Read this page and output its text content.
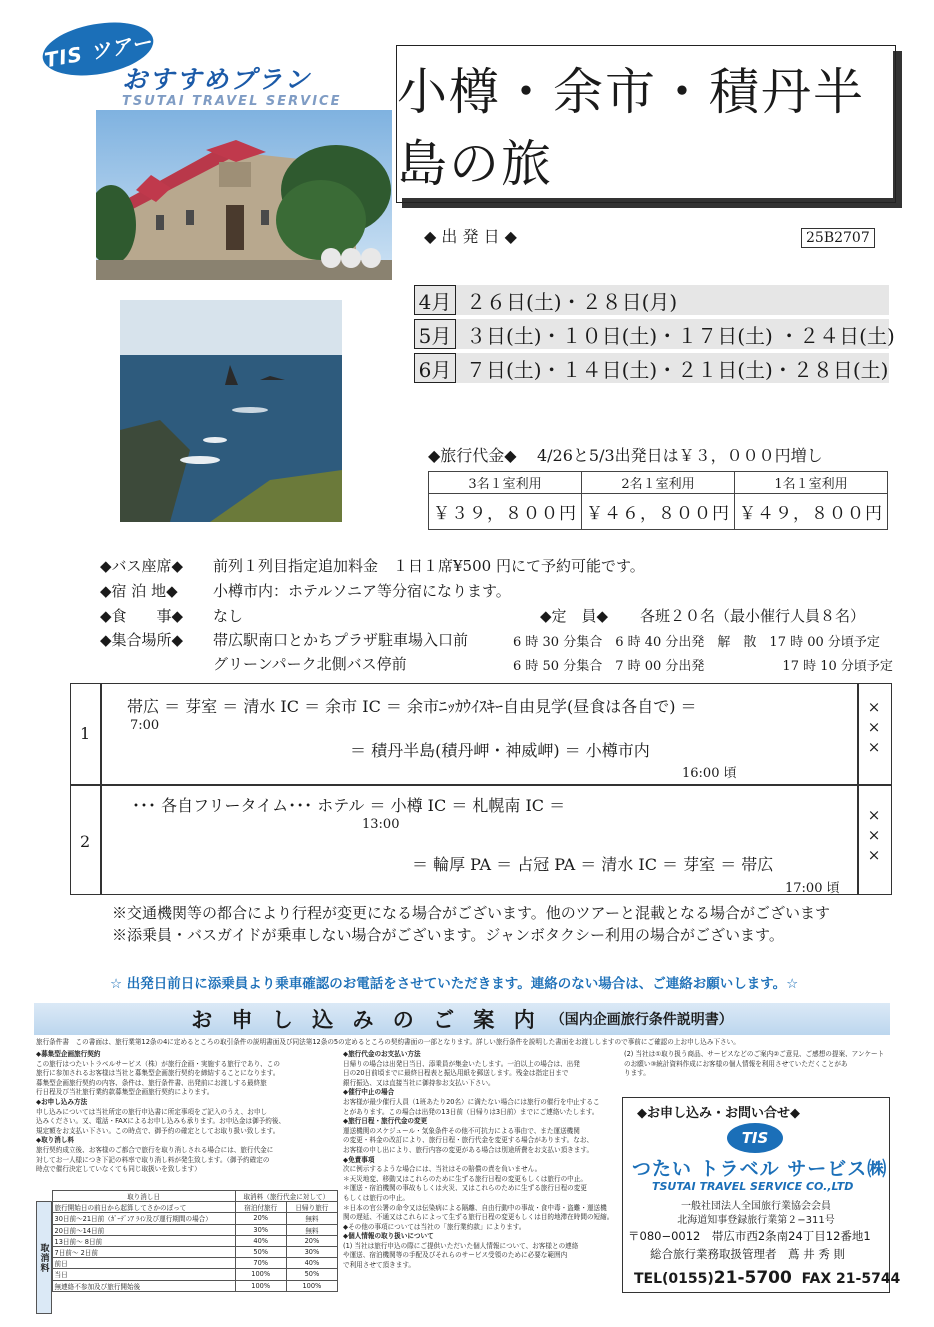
TIS ツアー
おすすめプラン
TSUTAI TRAVEL SERVICE 小樽・余市・積丹半島の旅
◆ 出 発 日 ◆	25B2707
4月 ２６日(土)・２８日(月)
5月 ３日(土)・１０日(土)・１７日(土) ・２４日(土)
6月 ７日(土)・１４日(土)・２１日(土)・２８日(土)
◆旅行代金◆ 4/26と5/3出発日は￥３，０００円増し
3名１室利用	2名１室利用	1名１室利用
￥３９，８００円	￥４６，８００円	￥４９，８００円
◆バス座席◆ 前列１列目指定追加料金　１日１席¥500 円にて予約可能です。
◆宿 泊 地◆ 小樽市内：ホテルソニア等分宿になります。
◆食　　事◆ なし	◆定　員◆ 各班２０名（最小催行人員８名）
◆集合場所◆ 帯広駅南口とかちプラザ駐車場入口前	6 時 30 分集合　6 時 40 分出発　解　散　17 時 00 分頃予定
グリーンパーク北側バス停前	6 時 50 分集合　7 時 00 分出発　　　　　　17 時 10 分頃予定
1
帯広 ＝ 芽室 ＝ 清水 IC ＝ 余市 IC ＝ 余市ﾆｯｶｳｲｽｷｰ自由見学(昼食は各自で) ＝
7:00
＝ 積丹半島(積丹岬・神威岬) ＝ 小樽市内
16:00 頃
×
×
×
2
･･･ 各自フリータイム･･･ ホテル ＝ 小樽 IC ＝ 札幌南 IC ＝
13:00
＝ 輪厚 PA ＝ 占冠 PA ＝ 清水 IC ＝ 芽室 ＝ 帯広
17:00 頃
×
×
×
※交通機関等の都合により行程が変更になる場合がございます。他のツアーと混載となる場合がございます
※添乗員・バスガイドが乗車しない場合がございます。ジャンボタクシー利用の場合がございます。
☆ 出発日前日に添乗員より乗車確認のお電話をさせていただきます。連絡のない場合は、ご連絡お願いします。☆
お 申 し 込 み の ご 案 内 （国内企画旅行条件説明書）
旅行条件書　この書面は、旅行業第12条の4に定めるところの取引条件の説明書面及び同法第12条の5の定めるところの契約書面の一部となります。詳しい旅行条件を説明した書面をお渡ししますので事前にご確認の上お申し込み下さい。
◆募集型企画旅行契約
この旅行はつたいトラベルサービス（株）が旅行企画・実施する旅行であり、この
旅行に参加されるお客様は当社と募集型企画旅行契約を締結することになります。
募集型企画旅行契約の内容、条件は、旅行条件書、出発前にお渡しする最終旅
行日程及び当社旅行業約款募集型企画旅行契約によります。
◆お申し込み方法
申し込みについては当社所定の旅行申込書に所定事項をご記入のうえ、お申し
込みください。又、電話・FAXによるお申し込みも承ります。お申込金は御予約後、
規定額をお支払い下さい。この時点で、御予約の確定としてお取り扱い致します。
◆取り消し料
旅行契約成立後、お客様のご都合で旅行を取り消しされる場合には、旅行代金に
対してお一人様につき下記の料率で取り消し料が発生致します。（御予約確定の
時点で催行決定していなくても同じ取扱いを致します）
取消料
	取り消し日	取消料（旅行代金に対して）	
	旅行開始日の前日から起算してさかのぼって	宿泊付旅行	日帰り旅行
	30日前〜21日前（ｶﾞｰﾃﾞﾝｱ ﾗｲﾝ及び運行期間の場合）	20%	無料
	20日前〜14日前	30%	無料
	13日前〜 8日前	40%	20%
	7日前〜 2日前	50%	30%
	前日	70%	40%
	当日	100%	50%
	無連絡不参加及び旅行開始後	100%	100%
◆旅行代金のお支払い方法
日帰りの場合は出発日当日、添乗員が集金いたします。一泊以上の場合は、出発
日の20日前頃までに最終日程表と振込用紙を郵送します。残金は指定日まで
銀行振込、又は直接当社に御持参お支払い下さい。
◆催行中止の場合
お客様が最少催行人員（1班あたり20名）に満たない場合には旅行の催行を中止するこ
とがあります。この場合は出発の13日前（日帰りは3日前）までにご連絡いたします。
◆旅行日程・旅行代金の変更
運送機関のスケジュール・気象条件その他不可抗力による事由で、また運送機関
の変更・料金の改訂により、旅行日程・旅行代金を変更する場合があります。なお、
お客様の申し出により、旅行内容の変更がある場合は別途所費をお支払い頂きます。
◆免責事項
次に例示するような場合には、当社はその賠償の責を負いません。
＊天災地変、移動又はこれらのために生ずる旅行日程の変更もしくは旅行の中止。
＊運送・宿泊機関の事故もしくは火災、又はこれらのために生ずる旅行日程の変更
もしくは旅行の中止。
＊日本の官公署の命令又は伝染病による隔離、自由行動中の事故・食中毒・盗難・運送機
関の遅延、不通又はこれらによって生ずる旅行日程の変更もしくは目的地滞在時間の短縮。
◆その他の事項については当社の「旅行業約款」によります。
◆個人情報の取り扱いについて
(1) 当社は旅行申込の際にご提供いただいた個人情報について、お客様との連絡
や運送、宿泊機関等の手配及びそれらのサービス受領のために必要な範囲内
で利用させて頂きます。
(2) 当社は①取り扱う商品、サービスなどのご案内②ご意見、ご感想の提案、アンケート
のお願い③統計資料作成にお客様の個人情報を利用させていただくことがあ
ります。
◆お申し込み・お問い合せ◆
TIS
つたい トラベル サービス㈱
TSUTAI TRAVEL SERVICE CO.,LTD
一般社団法人全国旅行業協会会員
北海道知事登録旅行業第２−311号
〒080−0012　帯広市西2条南24丁目12番地1
総合旅行業務取扱管理者　蔦 井 秀 則
TEL(0155)21-5700 FAX 21-5744
